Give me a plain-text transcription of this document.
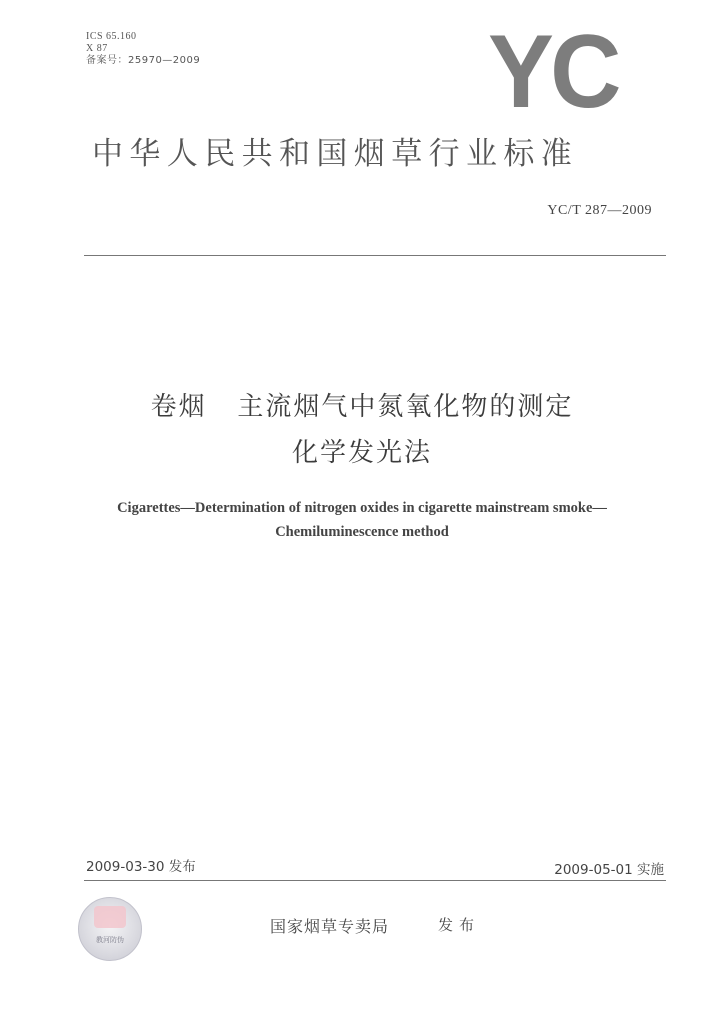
ICS 65.160
X 87
备案号：25970—2009	YC
中华人民共和国烟草行业标准
YC/T 287—2009
卷烟   主流烟气中氮氧化物的测定
化学发光法
Cigarettes—Determination of nitrogen oxides in cigarette mainstream smoke—
Chemiluminescence method
2009-03-30 发布	2009-05-01 实施
教河防伪
国家烟草专卖局	发布
